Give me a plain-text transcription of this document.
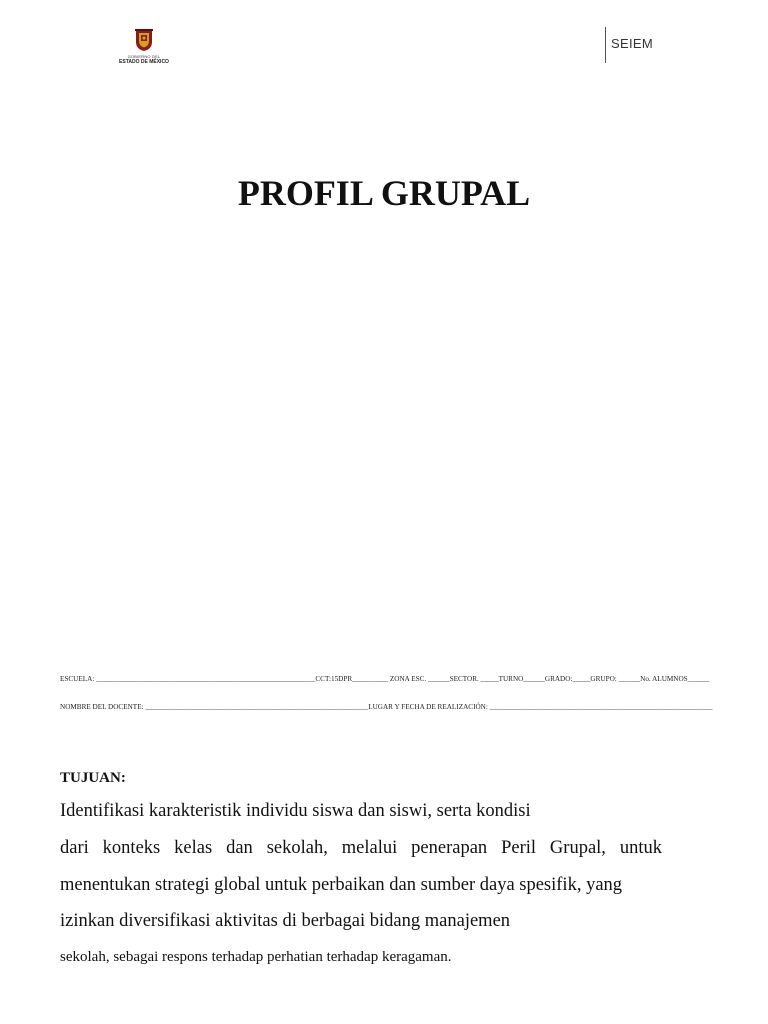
GOBIERNO DEL
ESTADO DE MÉXICO
SEIEM
PROFIL GRUPAL
ESCUELA: _____________________________________________________________CCT:15DPR__________ ZONA ESC. ______SECTOR. _____TURNO______GRADO:_____GRUPO: ______No. ALUMNOS______
NOMBRE DEL DOCENTE: ______________________________________________________________LUGAR Y FECHA DE REALIZACIÓN: ______________________________________________________________
TUJUAN:
Identifikasi karakteristik individu siswa dan siswi, serta kondisi
dari konteks kelas dan sekolah, melalui penerapan Peril Grupal, untuk
menentukan strategi global untuk perbaikan dan sumber daya spesifik, yang
izinkan diversifikasi aktivitas di berbagai bidang manajemen
sekolah, sebagai respons terhadap perhatian terhadap keragaman.
